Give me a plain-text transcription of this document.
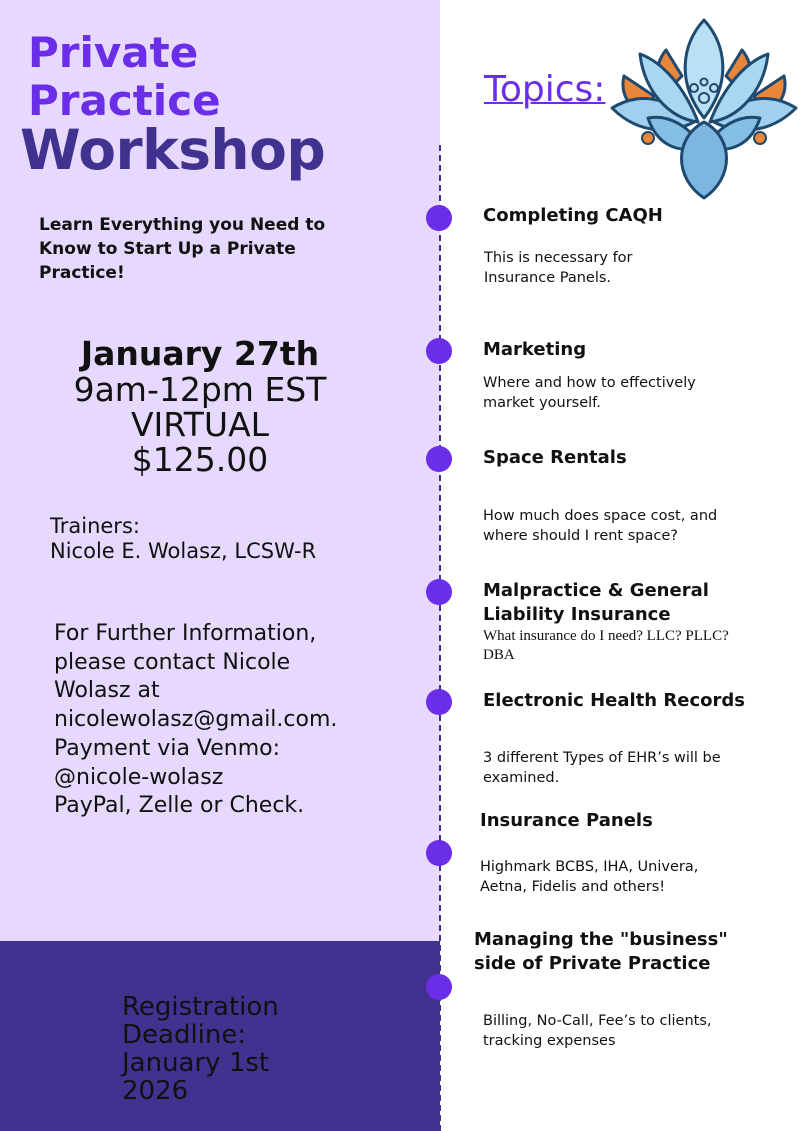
Private
Practice
Workshop
Learn Everything you Need to Know to Start Up a Private Practice!
January 27th
9am-12pm EST
VIRTUAL
$125.00
Trainers:
Nicole E. Wolasz, LCSW-R
For Further Information,
please contact Nicole
Wolasz at
nicolewolasz@gmail.com.
Payment via Venmo:
@nicole-wolasz
PayPal, Zelle or Check.
Registration
Deadline:
January 1st
2026
Topics:
Completing CAQH
This is necessary for
Insurance Panels.
Marketing
Where and how to effectively
market yourself.
Space Rentals
How much does space cost, and
where should I rent space?
Malpractice & General
Liability Insurance
What insurance do I need? LLC? PLLC?
DBA
Electronic Health Records
3 different Types of EHR’s will be
examined.
Insurance Panels
Highmark BCBS, IHA, Univera,
Aetna, Fidelis and others!
Managing the "business"
side of Private Practice
Billing, No-Call, Fee’s to clients,
tracking expenses
